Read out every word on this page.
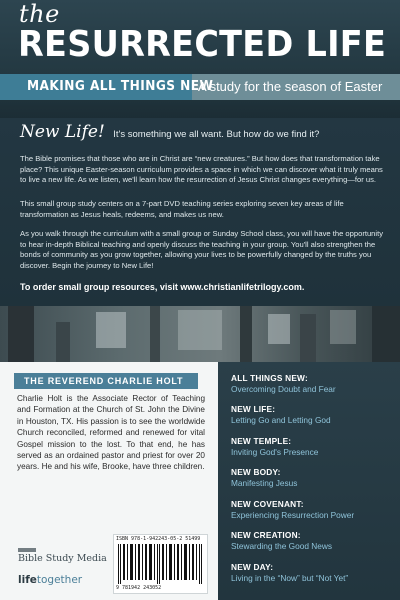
the
RESURRECTED LIFE
MAKING ALL THINGS NEW
A study for the season of Easter
New Life! It's something we all want. But how do we find it?
The Bible promises that those who are in Christ are “new creatures.” But how does that transformation take place? This unique Easter-season curriculum provides a space in which we can discover what it truly means to live a new life. As we listen, we'll learn how the resurrection of Jesus Christ changes everything—for us.
This small group study centers on a 7-part DVD teaching series exploring seven key areas of life transformation as Jesus heals, redeems, and makes us new.
As you walk through the curriculum with a small group or Sunday School class, you will have the opportunity to hear in-depth Biblical teaching and openly discuss the teaching in your group. You'll also strengthen the bonds of community as you grow together, allowing your lives to be powerfully changed by the truths you discover. Begin the journey to New Life!
To order small group resources, visit www.christianlifetrilogy.com.
THE REVEREND CHARLIE HOLT
Charlie Holt is the Associate Rector of Teaching and Formation at the Church of St. John the Divine in Houston, TX. His passion is to see the worldwide Church reconciled, reformed and renewed for vital Gospel mission to the lost. To that end, he has served as an ordained pastor and priest for over 20 years. He and his wife, Brooke, have three children.
Bible Study Media
lifetogether
ISBN 978-1-942243-05-2 51499
9 781942 243052
ALL THINGS NEW:
Overcoming Doubt and Fear
NEW LIFE:
Letting Go and Letting God
NEW TEMPLE:
Inviting God's Presence
NEW BODY:
Manifesting Jesus
NEW COVENANT:
Experiencing Resurrection Power
NEW CREATION:
Stewarding the Good News
NEW DAY:
Living in the “Now” but “Not Yet”
